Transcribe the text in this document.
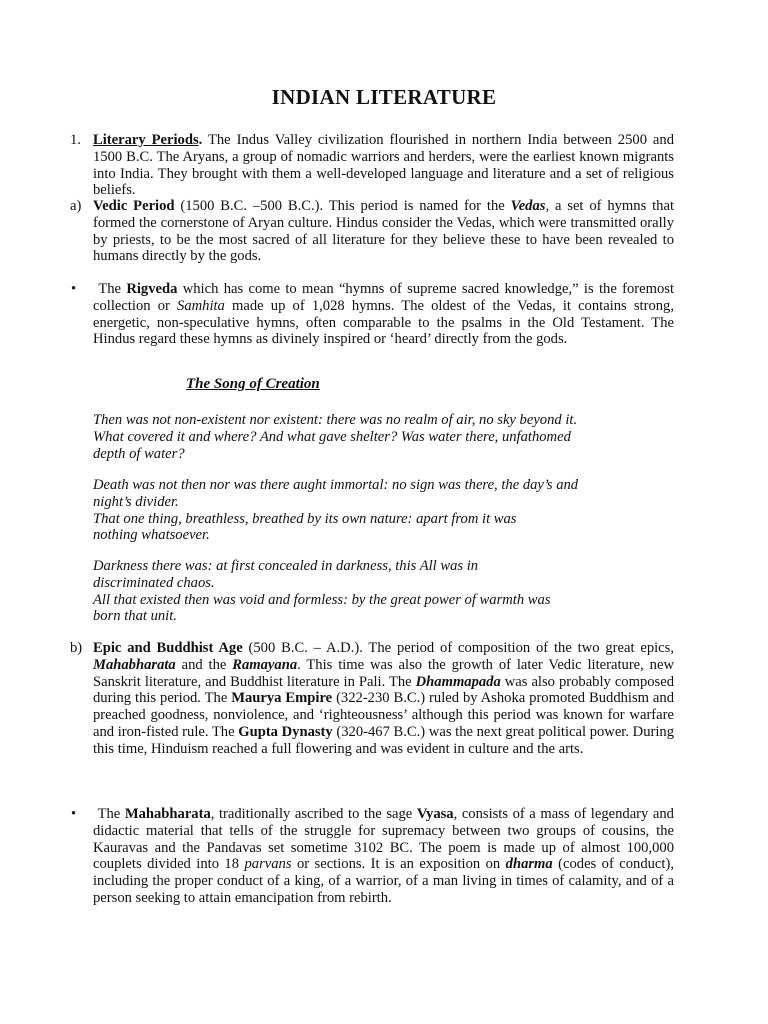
INDIAN LITERATURE
1. Literary Periods. The Indus Valley civilization flourished in northern India between 2500 and 1500 B.C. The Aryans, a group of nomadic warriors and herders, were the earliest known migrants into India. They brought with them a well-developed language and literature and a set of religious beliefs.

a) Vedic Period (1500 B.C. –500 B.C.). This period is named for the Vedas, a set of hymns that formed the cornerstone of Aryan culture. Hindus consider the Vedas, which were transmitted orally by priests, to be the most sacred of all literature for they believe these to have been revealed to humans directly by the gods.

•	The Rigveda which has come to mean “hymns of supreme sacred knowledge,” is the foremost collection or Samhita made up of 1,028 hymns. The oldest of the Vedas, it contains strong, energetic, non-speculative hymns, often comparable to the psalms in the Old Testament. The Hindus regard these hymns as divinely inspired or ‘heard’ directly from the gods.

The Song of Creation

Then was not non-existent nor existent: there was no realm of air, no sky beyond it.

What covered it and where? And what gave shelter? Was water there, unfathomed

depth of water?

Death was not then nor was there aught immortal: no sign was there, the day’s and

night’s divider.

That one thing, breathless, breathed by its own nature: apart from it was

nothing whatsoever.

Darkness there was: at first concealed in darkness, this All was in

discriminated chaos.

All that existed then was void and formless: by the great power of warmth was

born that unit.

b) Epic and Buddhist Age (500 B.C. – A.D.). The period of composition of the two great epics, Mahabharata and the Ramayana. This time was also the growth of later Vedic literature, new Sanskrit literature, and Buddhist literature in Pali. The Dhammapada was also probably composed during this period. The Maurya Empire (322-230 B.C.) ruled by Ashoka promoted Buddhism and preached goodness, nonviolence, and ‘righteousness’ although this period was known for warfare and iron-fisted rule. The Gupta Dynasty (320-467 B.C.) was the next great political power. During this time, Hinduism reached a full flowering and was evident in culture and the arts.

•	The Mahabharata, traditionally ascribed to the sage Vyasa, consists of a mass of legendary and didactic material that tells of the struggle for supremacy between two groups of cousins, the Kauravas and the Pandavas set sometime 3102 BC. The poem is made up of almost 100,000 couplets divided into 18 parvans or sections. It is an exposition on dharma (codes of conduct), including the proper conduct of a king, of a warrior, of a man living in times of calamity, and of a person seeking to attain emancipation from rebirth.
